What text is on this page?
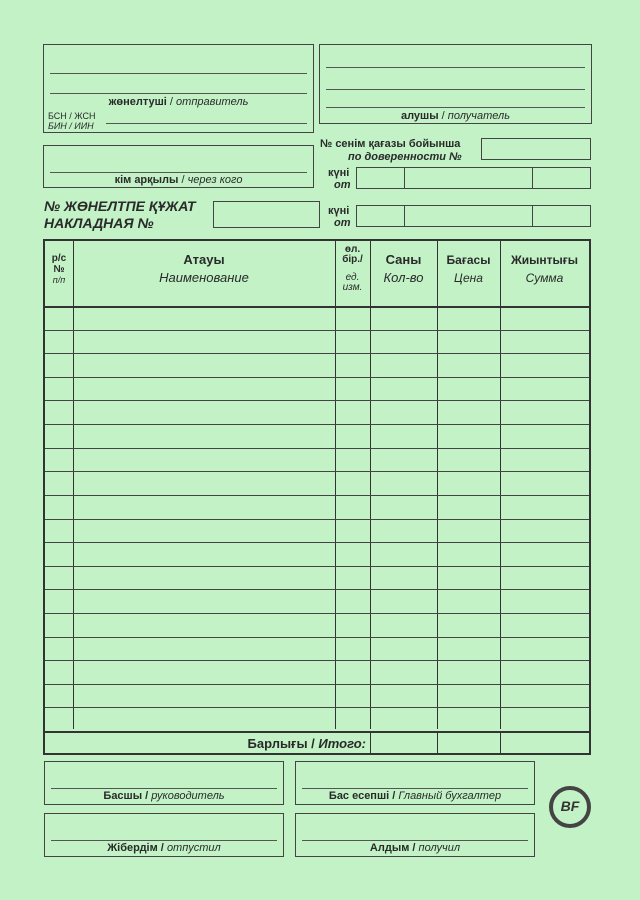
жөнелтуші / отправитель
БСН / ЖСН
БИН / ИИН
алушы / получатель
кім арқылы / через кого
№ сенім қағазы бойынша
по доверенности №
күні
от
№ ЖӨНЕЛТПЕ ҚҰЖАТ
НАКЛАДНАЯ №
күні
от
р/с №
п/п
Атауы
Наименование
өл. бір./
ед. изм.
Саны
Кол-во
Бағасы
Цена
Жиынтығы
Сумма
Барлығы / Итого:
Басшы / руководитель	Бас есепші / Главный бухгалтер
Жібердім / отпустил	Алдым / получил
BF
